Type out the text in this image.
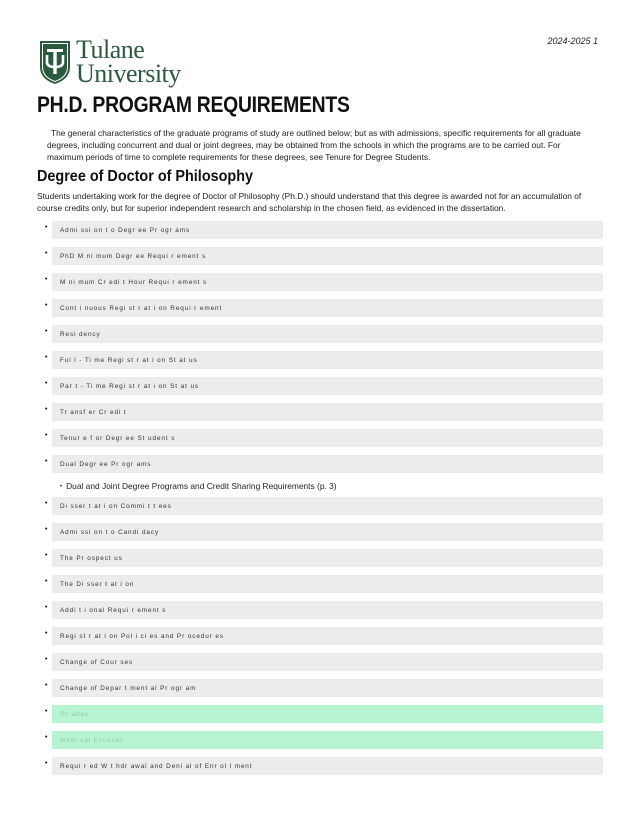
2024-2025 1
Tulane
University
PH.D. PROGRAM REQUIREMENTS

The general characteristics of the graduate programs of study are outlined below; but as with admissions, specific requirements for all graduate degrees, including concurrent and dual or joint degrees, may be obtained from the schools in which the programs are to be carried out. For maximum periods of time to complete requirements for these degrees, see Tenure for Degree Students.

Degree of Doctor of Philosophy

Students undertaking work for the degree of Doctor of Philosophy (Ph.D.) should understand that this degree is awarded not for an accumulation of course credits only, but for superior independent research and scholarship in the chosen field, as evidenced in the dissertation.

•	Admi ssi on t o Degr ee Pr ogr ams
•	PhD M ni mum Degr ee Requi r ement s
•	M ni mum Cr edi t Hour Requi r ement s
•	Cont i nuous Regi st r at i on Requi r ement
•	Resi dency
•	Ful l - Ti me Regi st r at i on St at us
•	Par t - Ti me Regi st r at i on St at us
•	Tr ansf er Cr edi t
•	Tenur e f or Degr ee St udent s
•	Dual Degr ee Pr ogr ams
• Dual and Joint Degree Programs and Credit Sharing Requirements (p. 3)
•	Di sser t at i on Commi t t ees
•	Admi ssi on t o Candi dacy
•	The Pr ospect us
•	The Di sser t at i on
•	Addi t i onal Requi r ement s
•	Regi st r at i on Pol i ci es and Pr ocedur es
•	Change of Cour ses
•	Change of Depar t ment al Pr ogr am
•	Gr ades
•	Medi cal Excuses
•	Requi r ed W t hdr awal and Deni al of Enr ol l ment
